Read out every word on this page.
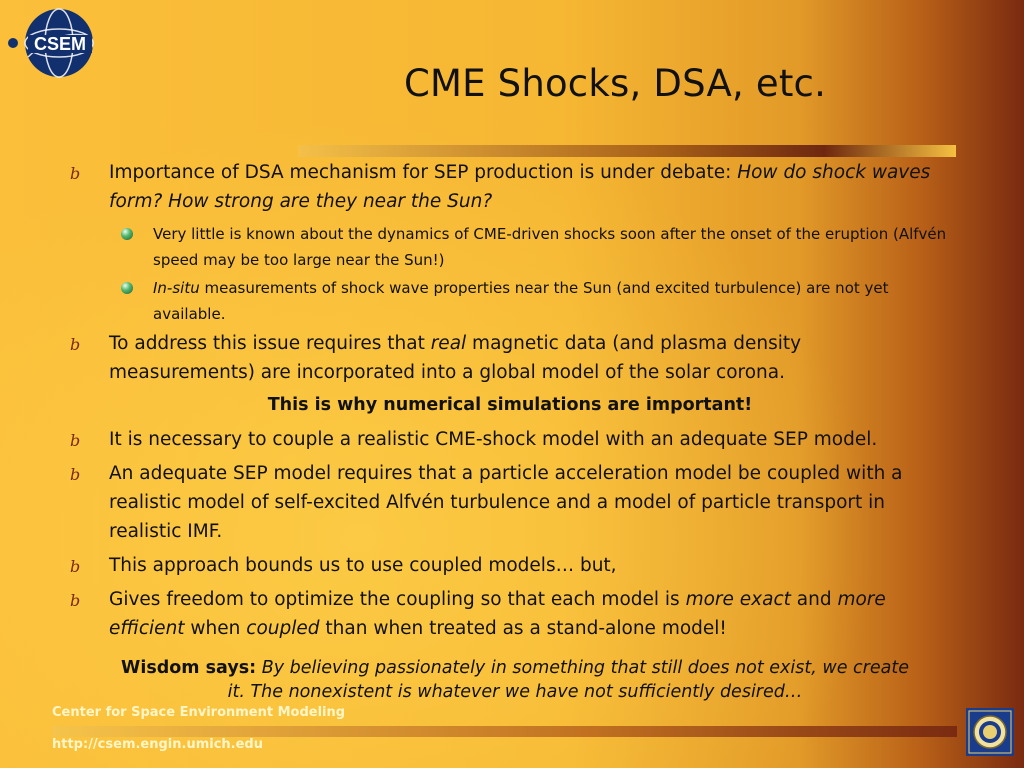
CSEM
CME Shocks, DSA, etc.
b Importance of DSA mechanism for SEP production is under debate: How do shock waves form? How strong are they near the Sun?
Very little is known about the dynamics of CME-driven shocks soon after the onset of the eruption (Alfvén speed may be too large near the Sun!)
In-situ measurements of shock wave properties near the Sun (and excited turbulence) are not yet available.
b To address this issue requires that real magnetic data (and plasma density measurements) are incorporated into a global model of the solar corona.
This is why numerical simulations are important!
b It is necessary to couple a realistic CME-shock model with an adequate SEP model.
b An adequate SEP model requires that a particle acceleration model be coupled with a realistic model of self-excited Alfvén turbulence and a model of particle transport in realistic IMF.
b This approach bounds us to use coupled models… but,
b Gives freedom to optimize the coupling so that each model is more exact and more efficient when coupled than when treated as a stand-alone model!
Wisdom says: By believing passionately in something that still does not exist, we create it. The nonexistent is whatever we have not sufficiently desired…
Center for Space Environment Modeling
http://csem.engin.umich.edu
